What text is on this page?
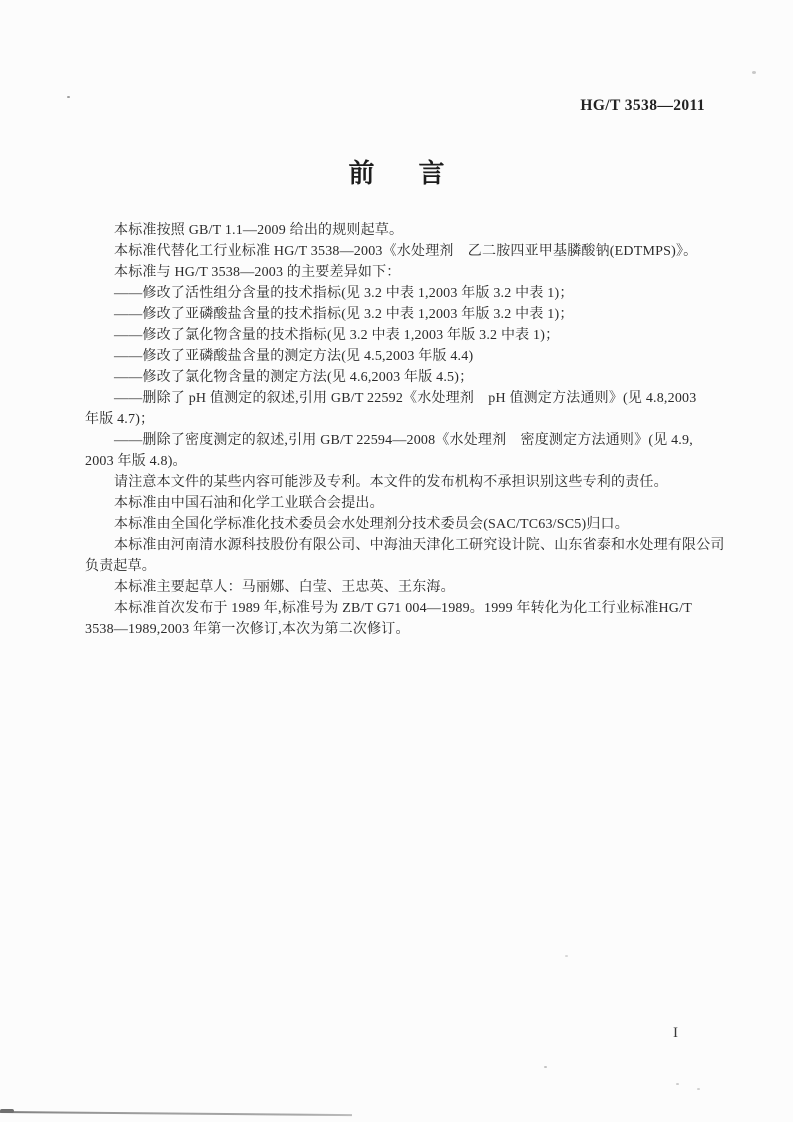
HG/T 3538—2011
前 言
本标准按照 GB/T 1.1—2009 给出的规则起草。
本标准代替化工行业标准 HG/T 3538—2003《水处理剂　乙二胺四亚甲基膦酸钠(EDTMPS)》。
本标准与 HG/T 3538—2003 的主要差异如下：
——修改了活性组分含量的技术指标(见 3.2 中表 1,2003 年版 3.2 中表 1)；
——修改了亚磷酸盐含量的技术指标(见 3.2 中表 1,2003 年版 3.2 中表 1)；
——修改了氯化物含量的技术指标(见 3.2 中表 1,2003 年版 3.2 中表 1)；
——修改了亚磷酸盐含量的测定方法(见 4.5,2003 年版 4.4)
——修改了氯化物含量的测定方法(见 4.6,2003 年版 4.5)；
——删除了 pH 值测定的叙述,引用 GB/T 22592《水处理剂　pH 值测定方法通则》(见 4.8,2003
年版 4.7)；
——删除了密度测定的叙述,引用 GB/T 22594—2008《水处理剂　密度测定方法通则》(见 4.9,
2003 年版 4.8)。
请注意本文件的某些内容可能涉及专利。本文件的发布机构不承担识别这些专利的责任。
本标准由中国石油和化学工业联合会提出。
本标准由全国化学标准化技术委员会水处理剂分技术委员会(SAC/TC63/SC5)归口。
本标准由河南清水源科技股份有限公司、中海油天津化工研究设计院、山东省泰和水处理有限公司
负责起草。
本标准主要起草人：马丽娜、白莹、王忠英、王东海。
本标准首次发布于 1989 年,标准号为 ZB/T G71 004—1989。1999 年转化为化工行业标准HG/T
3538—1989,2003 年第一次修订,本次为第二次修订。
I
